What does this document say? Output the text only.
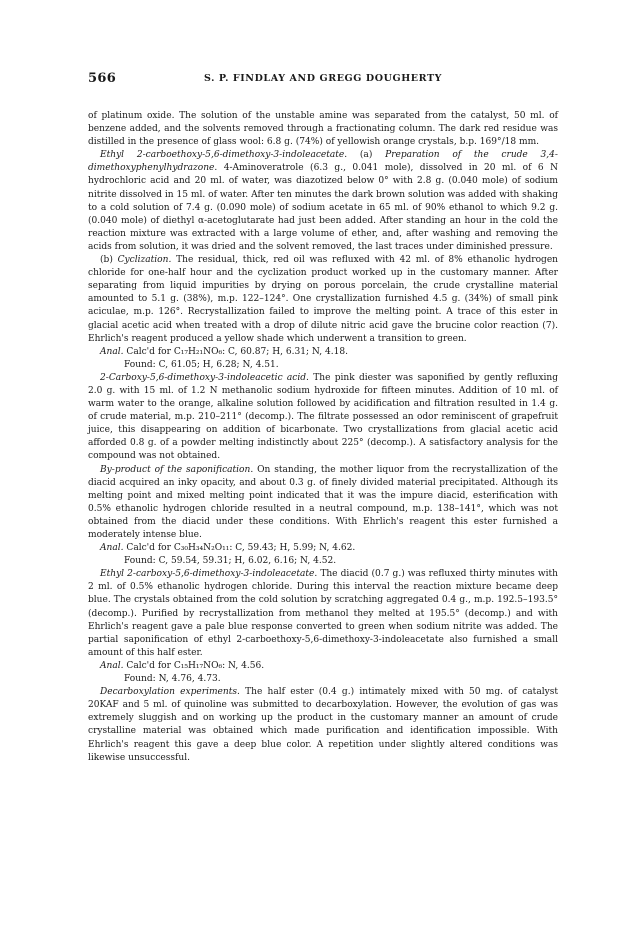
566	S. P. FINDLAY AND GREGG DOUGHERTY

of platinum oxide. The solution of the unstable amine was separated from the catalyst, 50 ml. of benzene added, and the solvents removed through a fractionating column. The dark red residue was distilled in the presence of glass wool: 6.8 g. (74%) of yellowish orange crystals, b.p. 169°/18 mm.

Ethyl 2-carboethoxy-5,6-dimethoxy-3-indoleacetate. (a) Preparation of the crude 3,4-dimethoxyphenylhydrazone. 4-Aminoveratrole (6.3 g., 0.041 mole), dissolved in 20 ml. of 6 N hydrochloric acid and 20 ml. of water, was diazotized below 0° with 2.8 g. (0.040 mole) of sodium nitrite dissolved in 15 ml. of water. After ten minutes the dark brown solution was added with shaking to a cold solution of 7.4 g. (0.090 mole) of sodium acetate in 65 ml. of 90% ethanol to which 9.2 g. (0.040 mole) of diethyl α-acetoglutarate had just been added. After standing an hour in the cold the reaction mixture was extracted with a large volume of ether, and, after washing and removing the acids from solution, it was dried and the solvent removed, the last traces under diminished pressure.

(b) Cyclization. The residual, thick, red oil was refluxed with 42 ml. of 8% ethanolic hydrogen chloride for one-half hour and the cyclization product worked up in the customary manner. After separating from liquid impurities by drying on porous porcelain, the crude crystalline material amounted to 5.1 g. (38%), m.p. 122–124°. One crystallization furnished 4.5 g. (34%) of small pink aciculae, m.p. 126°. Recrystallization failed to improve the melting point. A trace of this ester in glacial acetic acid when treated with a drop of dilute nitric acid gave the brucine color reaction (7). Ehrlich's reagent produced a yellow shade which underwent a transition to green.

Anal. Calc'd for C₁₇H₂₁NO₆: C, 60.87; H, 6.31; N, 4.18.

Found: C, 61.05; H, 6.28; N, 4.51.

2-Carboxy-5,6-dimethoxy-3-indoleacetic acid. The pink diester was saponified by gently refluxing 2.0 g. with 15 ml. of 1.2 N methanolic sodium hydroxide for fifteen minutes. Addition of 10 ml. of warm water to the orange, alkaline solution followed by acidification and filtration resulted in 1.4 g. of crude material, m.p. 210–211° (decomp.). The filtrate possessed an odor reminiscent of grapefruit juice, this disappearing on addition of bicarbonate. Two crystallizations from glacial acetic acid afforded 0.8 g. of a powder melting indistinctly about 225° (decomp.). A satisfactory analysis for the compound was not obtained.

By-product of the saponification. On standing, the mother liquor from the recrystallization of the diacid acquired an inky opacity, and about 0.3 g. of finely divided material precipitated. Although its melting point and mixed melting point indicated that it was the impure diacid, esterification with 0.5% ethanolic hydrogen chloride resulted in a neutral compound, m.p. 138–141°, which was not obtained from the diacid under these conditions. With Ehrlich's reagent this ester furnished a moderately intense blue.

Anal. Calc'd for C₃₀H₃₄N₂O₁₁: C, 59.43; H, 5.99; N, 4.62.

Found: C, 59.54, 59.31; H, 6.02, 6.16; N, 4.52.

Ethyl 2-carboxy-5,6-dimethoxy-3-indoleacetate. The diacid (0.7 g.) was refluxed thirty minutes with 2 ml. of 0.5% ethanolic hydrogen chloride. During this interval the reaction mixture became deep blue. The crystals obtained from the cold solution by scratching aggregated 0.4 g., m.p. 192.5–193.5° (decomp.). Purified by recrystallization from methanol they melted at 195.5° (decomp.) and with Ehrlich's reagent gave a pale blue response converted to green when sodium nitrite was added. The partial saponification of ethyl 2-carboethoxy-5,6-dimethoxy-3-indoleacetate also furnished a small amount of this half ester.

Anal. Calc'd for C₁₅H₁₇NO₆: N, 4.56.

Found: N, 4.76, 4.73.

Decarboxylation experiments. The half ester (0.4 g.) intimately mixed with 50 mg. of catalyst 20KAF and 5 ml. of quinoline was submitted to decarboxylation. However, the evolution of gas was extremely sluggish and on working up the product in the customary manner an amount of crude crystalline material was obtained which made purification and identification impossible. With Ehrlich's reagent this gave a deep blue color. A repetition under slightly altered conditions was likewise unsuccessful.
